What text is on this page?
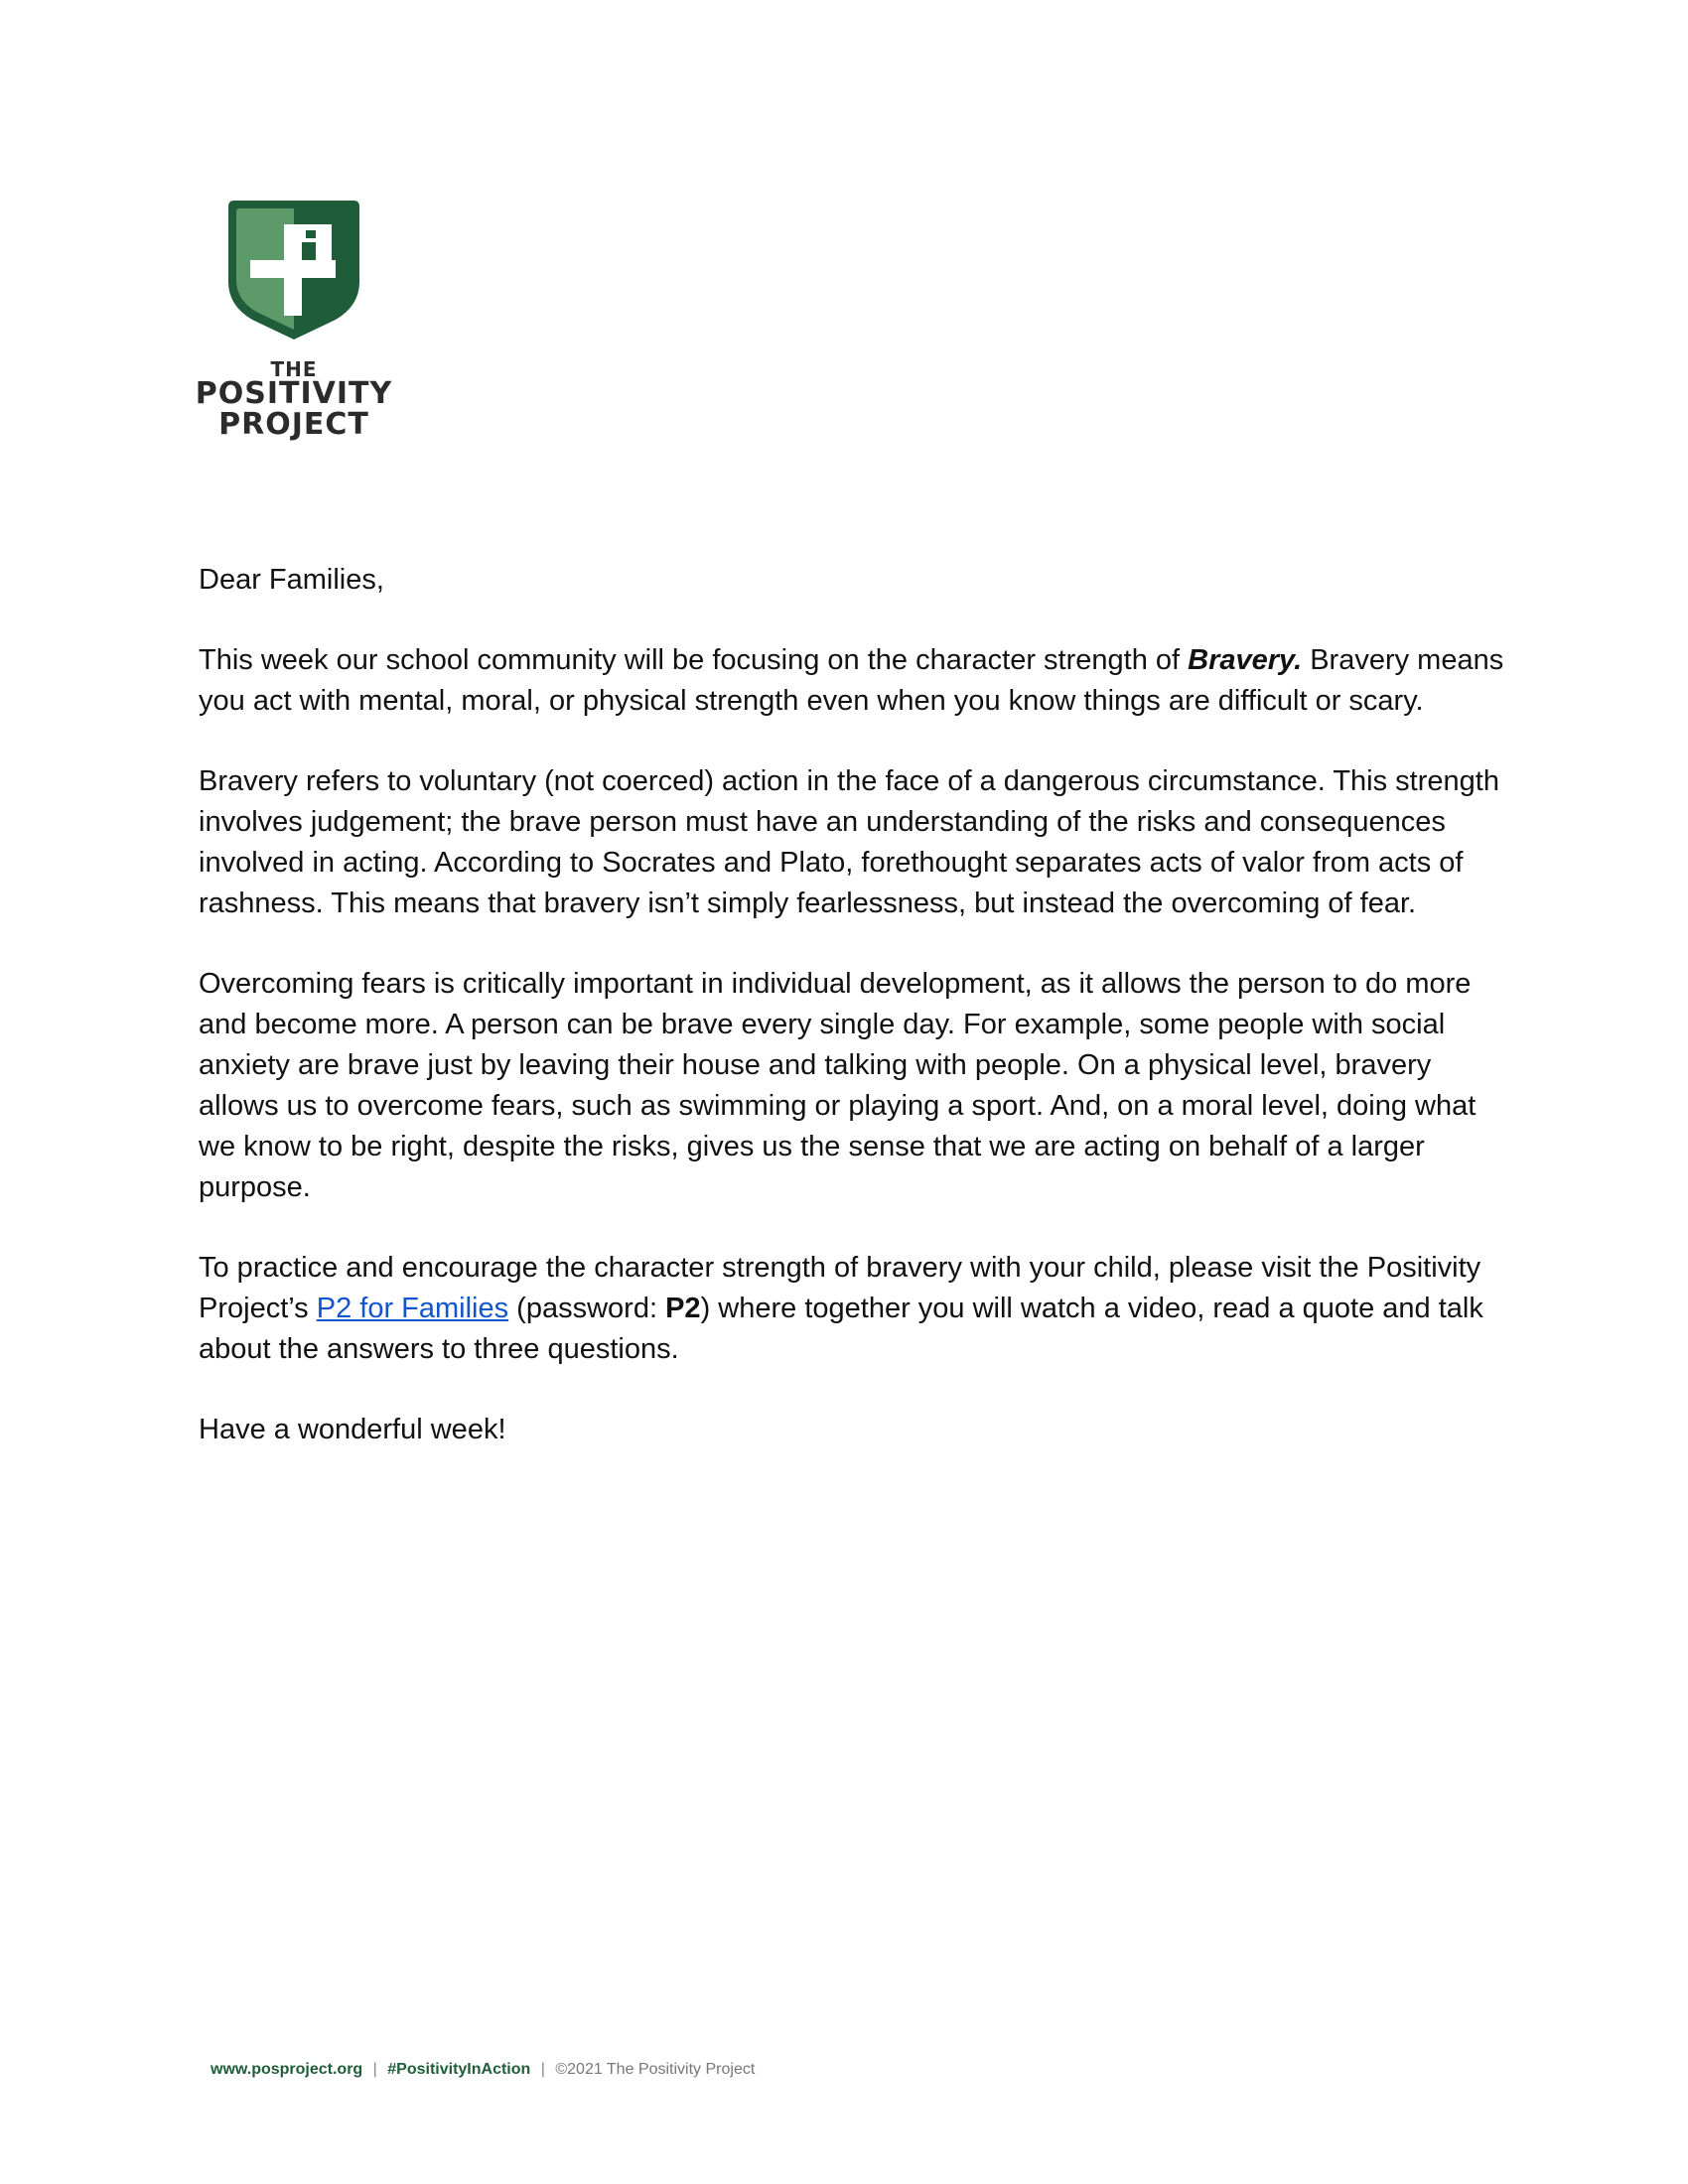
THE
POSITIVITY
PROJECT

Dear Families,

This week our school community will be focusing on the character strength of Bravery. Bravery means you act with mental, moral, or physical strength even when you know things are difficult or scary.

Bravery refers to voluntary (not coerced) action in the face of a dangerous circumstance. This strength involves judgement; the brave person must have an understanding of the risks and consequences involved in acting. According to Socrates and Plato, forethought separates acts of valor from acts of rashness. This means that bravery isn’t simply fearlessness, but instead the overcoming of fear.

Overcoming fears is critically important in individual development, as it allows the person to do more and become more. A person can be brave every single day. For example, some people with social anxiety are brave just by leaving their house and talking with people. On a physical level, bravery allows us to overcome fears, such as swimming or playing a sport. And, on a moral level, doing what we know to be right, despite the risks, gives us the sense that we are acting on behalf of a larger purpose.

To practice and encourage the character strength of bravery with your child, please visit the Positivity Project’s P2 for Families (password: P2) where together you will watch a video, read a quote and talk about the answers to three questions.

Have a wonderful week!

www.posproject.org | #PositivityInAction | ©2021 The Positivity Project
